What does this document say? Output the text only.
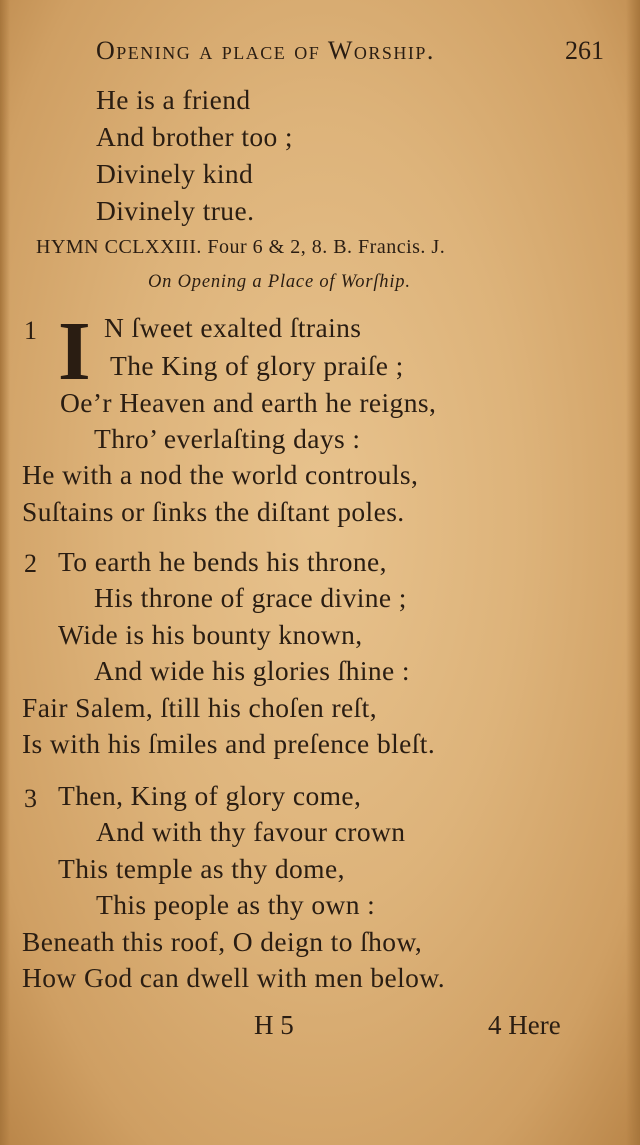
Opening a place of Worship.	261
He is a friend
And brother too ;
Divinely kind
Divinely true.
HYMN CCLXXIII. Four 6 & 2, 8. B. Francis. J.
On Opening a Place of Worſhip.
1 I N ſweet exalted ſtrains
The King of glory praiſe ;
Oe’r Heaven and earth he reigns,
Thro’ everlaſting days :
He with a nod the world controuls,
Suſtains or ſinks the diſtant poles.
2 To earth he bends his throne,
His throne of grace divine ;
Wide is his bounty known,
And wide his glories ſhine :
Fair Salem, ſtill his choſen reſt,
Is with his ſmiles and preſence bleſt.
3 Then, King of glory come,
And with thy favour crown
This temple as thy dome,
This people as thy own :
Beneath this roof, O deign to ſhow,
How God can dwell with men below.
H 5	4 Here
